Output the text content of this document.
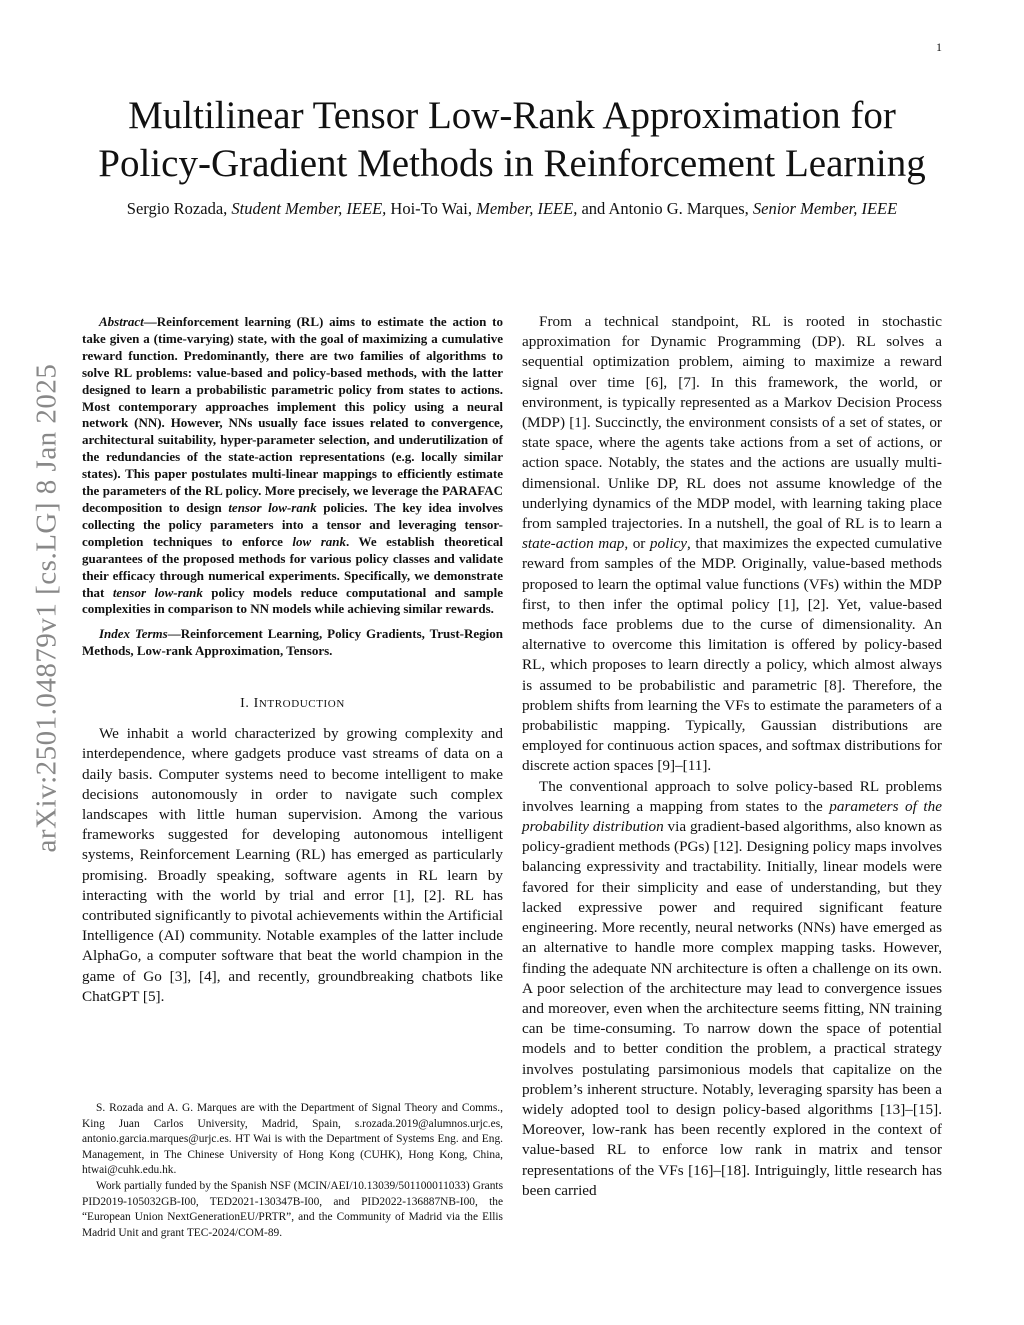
1
arXiv:2501.04879v1 [cs.LG] 8 Jan 2025
Multilinear Tensor Low-Rank Approximation for
Policy-Gradient Methods in Reinforcement Learning
Sergio Rozada, Student Member, IEEE, Hoi-To Wai, Member, IEEE, and Antonio G. Marques, Senior Member, IEEE
Abstract—Reinforcement learning (RL) aims to estimate the action to take given a (time-varying) state, with the goal of maximizing a cumulative reward function. Predominantly, there are two families of algorithms to solve RL problems: value-based and policy-based methods, with the latter designed to learn a probabilistic parametric policy from states to actions. Most contemporary approaches implement this policy using a neural network (NN). However, NNs usually face issues related to convergence, architectural suitability, hyper-parameter selection, and underutilization of the redundancies of the state-action representations (e.g. locally similar states). This paper postulates multi-linear mappings to efficiently estimate the parameters of the RL policy. More precisely, we leverage the PARAFAC decomposition to design tensor low-rank policies. The key idea involves collecting the policy parameters into a tensor and leveraging tensor-completion techniques to enforce low rank. We establish theoretical guarantees of the proposed methods for various policy classes and validate their efficacy through numerical experiments. Specifically, we demonstrate that tensor low-rank policy models reduce computational and sample complexities in comparison to NN models while achieving similar rewards.
Index Terms—Reinforcement Learning, Policy Gradients, Trust-Region Methods, Low-rank Approximation, Tensors.
I. INTRODUCTION

We inhabit a world characterized by growing complexity and interdependence, where gadgets produce vast streams of data on a daily basis. Computer systems need to become intelligent to make decisions autonomously in order to navigate such complex landscapes with little human supervision. Among the various frameworks suggested for developing autonomous intelligent systems, Reinforcement Learning (RL) has emerged as particularly promising. Broadly speaking, software agents in RL learn by interacting with the world by trial and error [1], [2]. RL has contributed significantly to pivotal achievements within the Artificial Intelligence (AI) community. Notable examples of the latter include AlphaGo, a computer software that beat the world champion in the game of Go [3], [4], and recently, groundbreaking chatbots like ChatGPT [5].

S. Rozada and A. G. Marques are with the Department of Signal Theory and Comms., King Juan Carlos University, Madrid, Spain, s.rozada.2019@alumnos.urjc.es, antonio.garcia.marques@urjc.es. HT Wai is with the Department of Systems Eng. and Eng. Management, in The Chinese University of Hong Kong (CUHK), Hong Kong, China, htwai@cuhk.edu.hk.

Work partially funded by the Spanish NSF (MCIN/AEI/10.13039/501100011033) Grants PID2019-105032GB-I00, TED2021-130347B-I00, and PID2022-136887NB-I00, the “European Union NextGenerationEU/PRTR”, and the Community of Madrid via the Ellis Madrid Unit and grant TEC-2024/COM-89.

From a technical standpoint, RL is rooted in stochastic approximation for Dynamic Programming (DP). RL solves a sequential optimization problem, aiming to maximize a reward signal over time [6], [7]. In this framework, the world, or environment, is typically represented as a Markov Decision Process (MDP) [1]. Succinctly, the environment consists of a set of states, or state space, where the agents take actions from a set of actions, or action space. Notably, the states and the actions are usually multi-dimensional. Unlike DP, RL does not assume knowledge of the underlying dynamics of the MDP model, with learning taking place from sampled trajectories. In a nutshell, the goal of RL is to learn a state-action map, or policy, that maximizes the expected cumulative reward from samples of the MDP. Originally, value-based methods proposed to learn the optimal value functions (VFs) within the MDP first, to then infer the optimal policy [1], [2]. Yet, value-based methods face problems due to the curse of dimensionality. An alternative to overcome this limitation is offered by policy-based RL, which proposes to learn directly a policy, which almost always is assumed to be probabilistic and parametric [8]. Therefore, the problem shifts from learning the VFs to estimate the parameters of a probabilistic mapping. Typically, Gaussian distributions are employed for continuous action spaces, and softmax distributions for discrete action spaces [9]–[11].

The conventional approach to solve policy-based RL problems involves learning a mapping from states to the parameters of the probability distribution via gradient-based algorithms, also known as policy-gradient methods (PGs) [12]. Designing policy maps involves balancing expressivity and tractability. Initially, linear models were favored for their simplicity and ease of understanding, but they lacked expressive power and required significant feature engineering. More recently, neural networks (NNs) have emerged as an alternative to handle more complex mapping tasks. However, finding the adequate NN architecture is often a challenge on its own. A poor selection of the architecture may lead to convergence issues and moreover, even when the architecture seems fitting, NN training can be time-consuming. To narrow down the space of potential models and to better condition the problem, a practical strategy involves postulating parsimonious models that capitalize on the problem’s inherent structure. Notably, leveraging sparsity has been a widely adopted tool to design policy-based algorithms [13]–[15]. Moreover, low-rank has been recently explored in the context of value-based RL to enforce low rank in matrix and tensor representations of the VFs [16]–[18]. Intriguingly, little research has been carried
